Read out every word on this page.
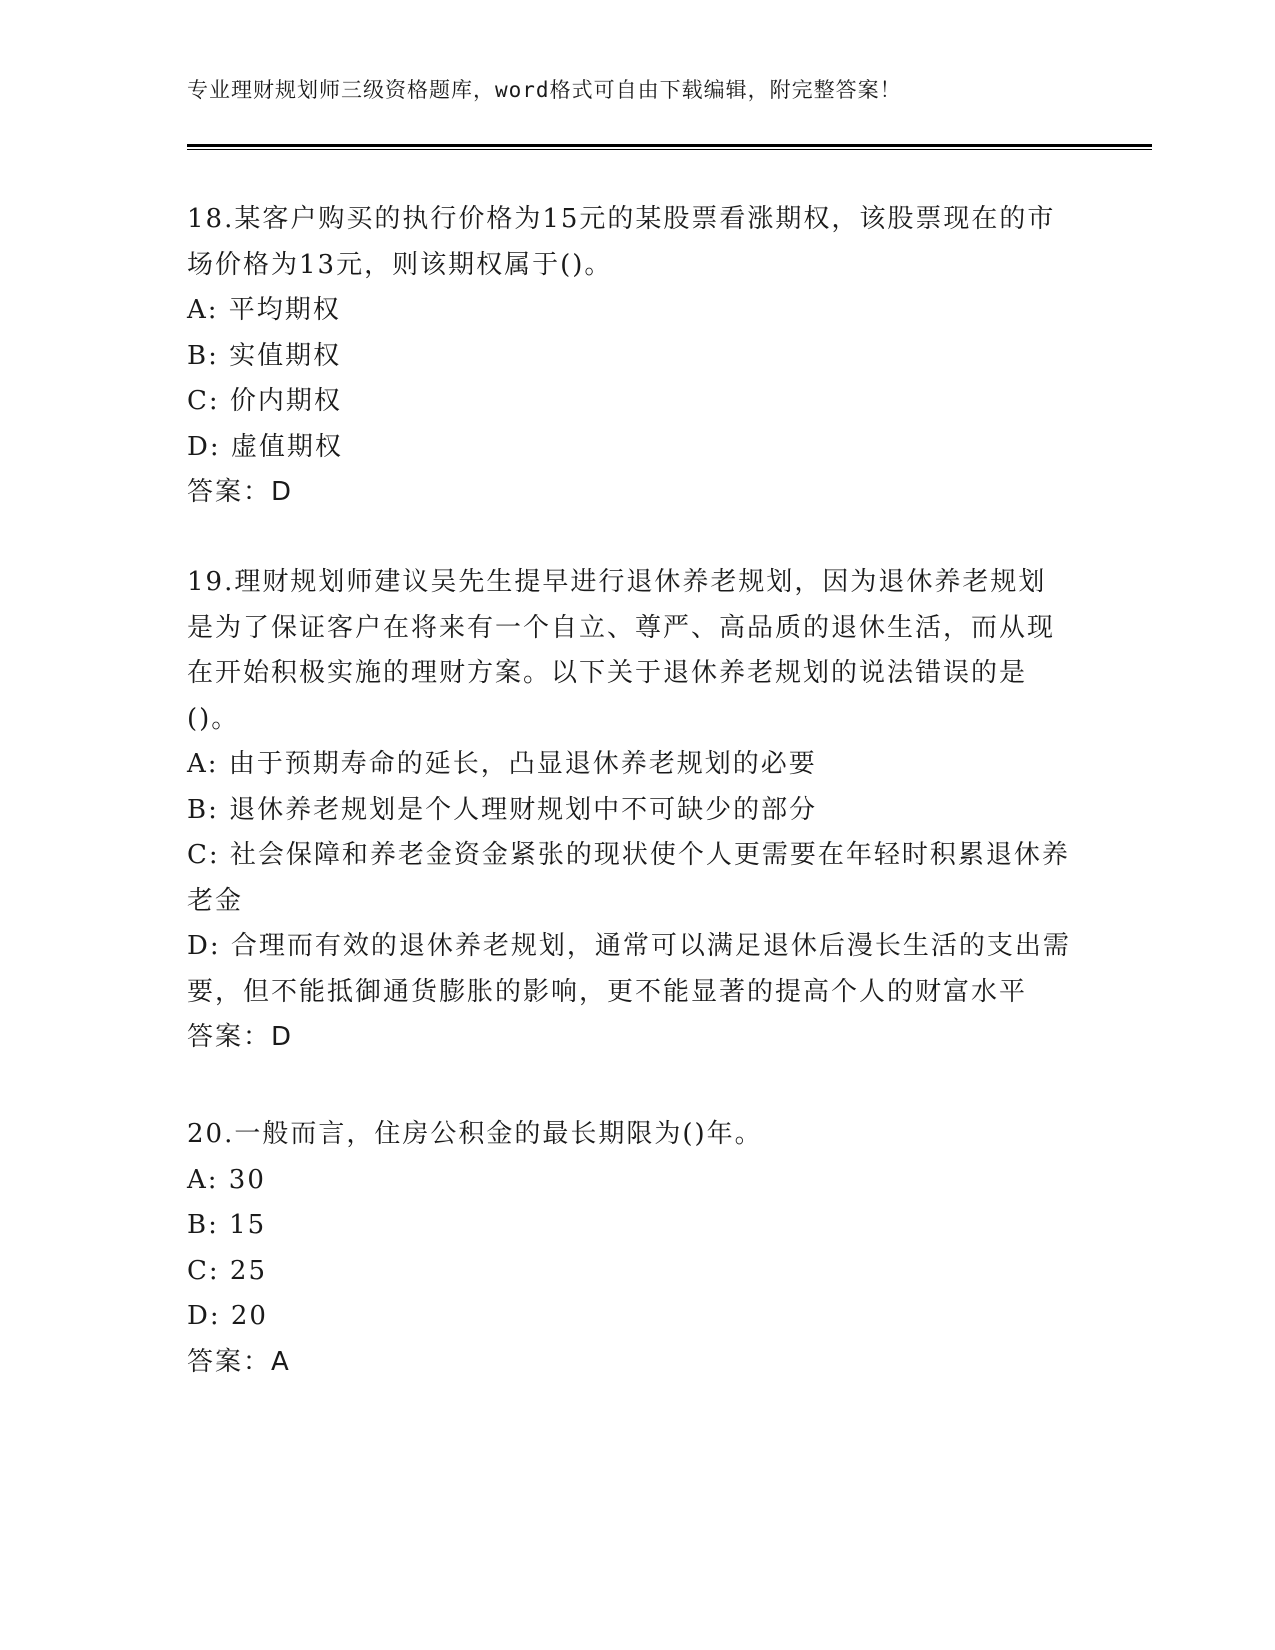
专业理财规划师三级资格题库，word格式可自由下载编辑，附完整答案！

18.某客户购买的执行价格为15元的某股票看涨期权，该股票现在的市场价格为13元，则该期权属于()。

A: 平均期权

B: 实值期权

C: 价内期权

D: 虚值期权

答案：D

19.理财规划师建议吴先生提早进行退休养老规划，因为退休养老规划是为了保证客户在将来有一个自立、尊严、高品质的退休生活，而从现在开始积极实施的理财方案。以下关于退休养老规划的说法错误的是()。

A: 由于预期寿命的延长，凸显退休养老规划的必要

B: 退休养老规划是个人理财规划中不可缺少的部分

C: 社会保障和养老金资金紧张的现状使个人更需要在年轻时积累退休养老金

D: 合理而有效的退休养老规划，通常可以满足退休后漫长生活的支出需要，但不能抵御通货膨胀的影响，更不能显著的提高个人的财富水平

答案：D

20.一般而言，住房公积金的最长期限为()年。

A: 30

B: 15

C: 25

D: 20

答案：A
